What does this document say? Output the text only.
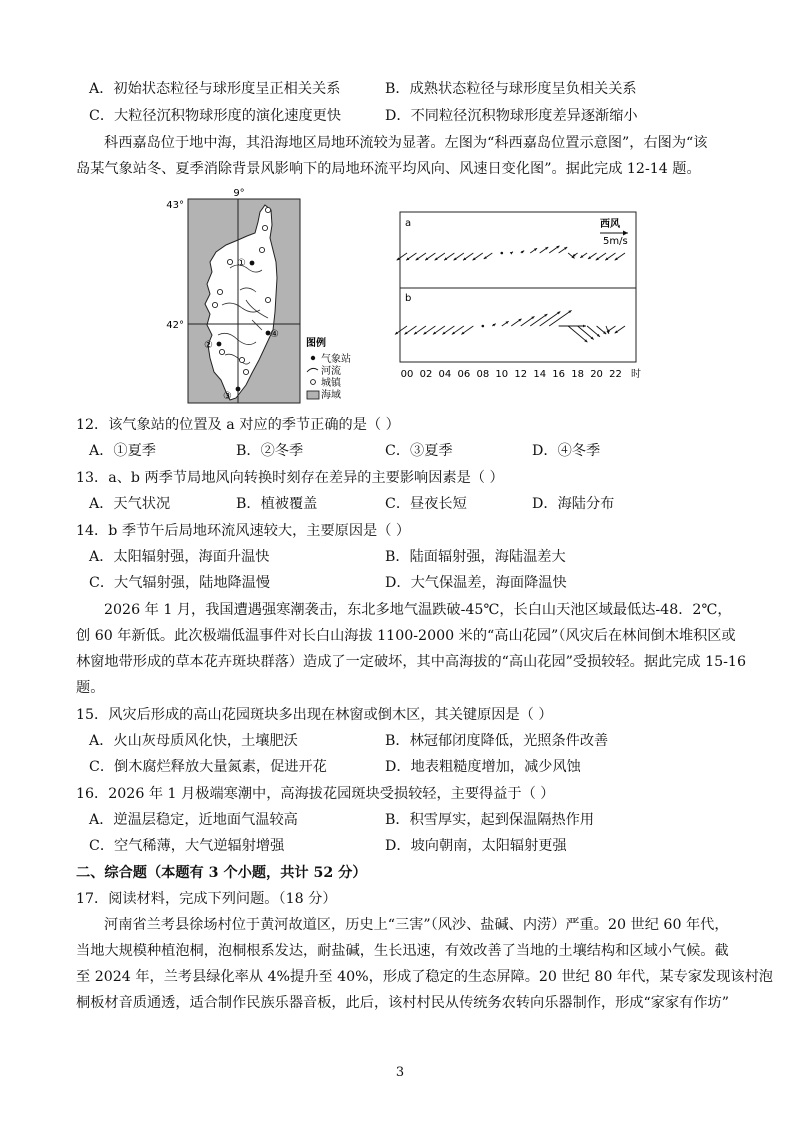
A．初始状态粒径与球形度呈正相关关系	B．成熟状态粒径与球形度呈负相关关系
C．大粒径沉积物球形度的演化速度更快	D．不同粒径沉积物球形度差异逐渐缩小
科西嘉岛位于地中海，其沿海地区局地环流较为显著。左图为“科西嘉岛位置示意图”，右图为“该
岛某气象站冬、夏季消除背景风影响下的局地环流平均风向、风速日变化图”。据此完成 12-14 题。
9°
43°
42°
①
②
③
④
图例
气象站
河流
城镇
海域
a
b
西风
5m/s
00 02 04 06 08 10 12 14 16 18 20 22 时
12．该气象站的位置及 a 对应的季节正确的是（ ）
A．①夏季	B．②冬季	C．③夏季	D．④冬季
13．a、b 两季节局地风向转换时刻存在差异的主要影响因素是（ ）
A．天气状况	B．植被覆盖	C．昼夜长短	D．海陆分布
14．b 季节午后局地环流风速较大，主要原因是（ ）
A．太阳辐射强，海面升温快	B．陆面辐射强，海陆温差大
C．大气辐射强，陆地降温慢	D．大气保温差，海面降温快
2026 年 1 月，我国遭遇强寒潮袭击，东北多地气温跌破-45℃，长白山天池区域最低达-48．2℃，
创 60 年新低。此次极端低温事件对长白山海拔 1100-2000 米的“高山花园”（风灾后在林间倒木堆积区或
林窗地带形成的草本花卉斑块群落）造成了一定破坏，其中高海拔的“高山花园”受损较轻。据此完成 15-16
题。
15．风灾后形成的高山花园斑块多出现在林窗或倒木区，其关键原因是（ ）
A．火山灰母质风化快，土壤肥沃	B．林冠郁闭度降低，光照条件改善
C．倒木腐烂释放大量氮素，促进开花	D．地表粗糙度增加，减少风蚀
16．2026 年 1 月极端寒潮中，高海拔花园斑块受损较轻，主要得益于（ ）
A．逆温层稳定，近地面气温较高	B．积雪厚实，起到保温隔热作用
C．空气稀薄，大气逆辐射增强	D．坡向朝南，太阳辐射更强
二、综合题（本题有 3 个小题，共计 52 分）
17．阅读材料，完成下列问题。（18 分）
河南省兰考县徐场村位于黄河故道区，历史上“三害”（风沙、盐碱、内涝）严重。20 世纪 60 年代，
当地大规模种植泡桐，泡桐根系发达，耐盐碱，生长迅速，有效改善了当地的土壤结构和区域小气候。截
至 2024 年，兰考县绿化率从 4%提升至 40%，形成了稳定的生态屏障。20 世纪 80 年代，某专家发现该村泡
桐板材音质通透，适合制作民族乐器音板，此后，该村村民从传统务农转向乐器制作，形成“家家有作坊”
3
